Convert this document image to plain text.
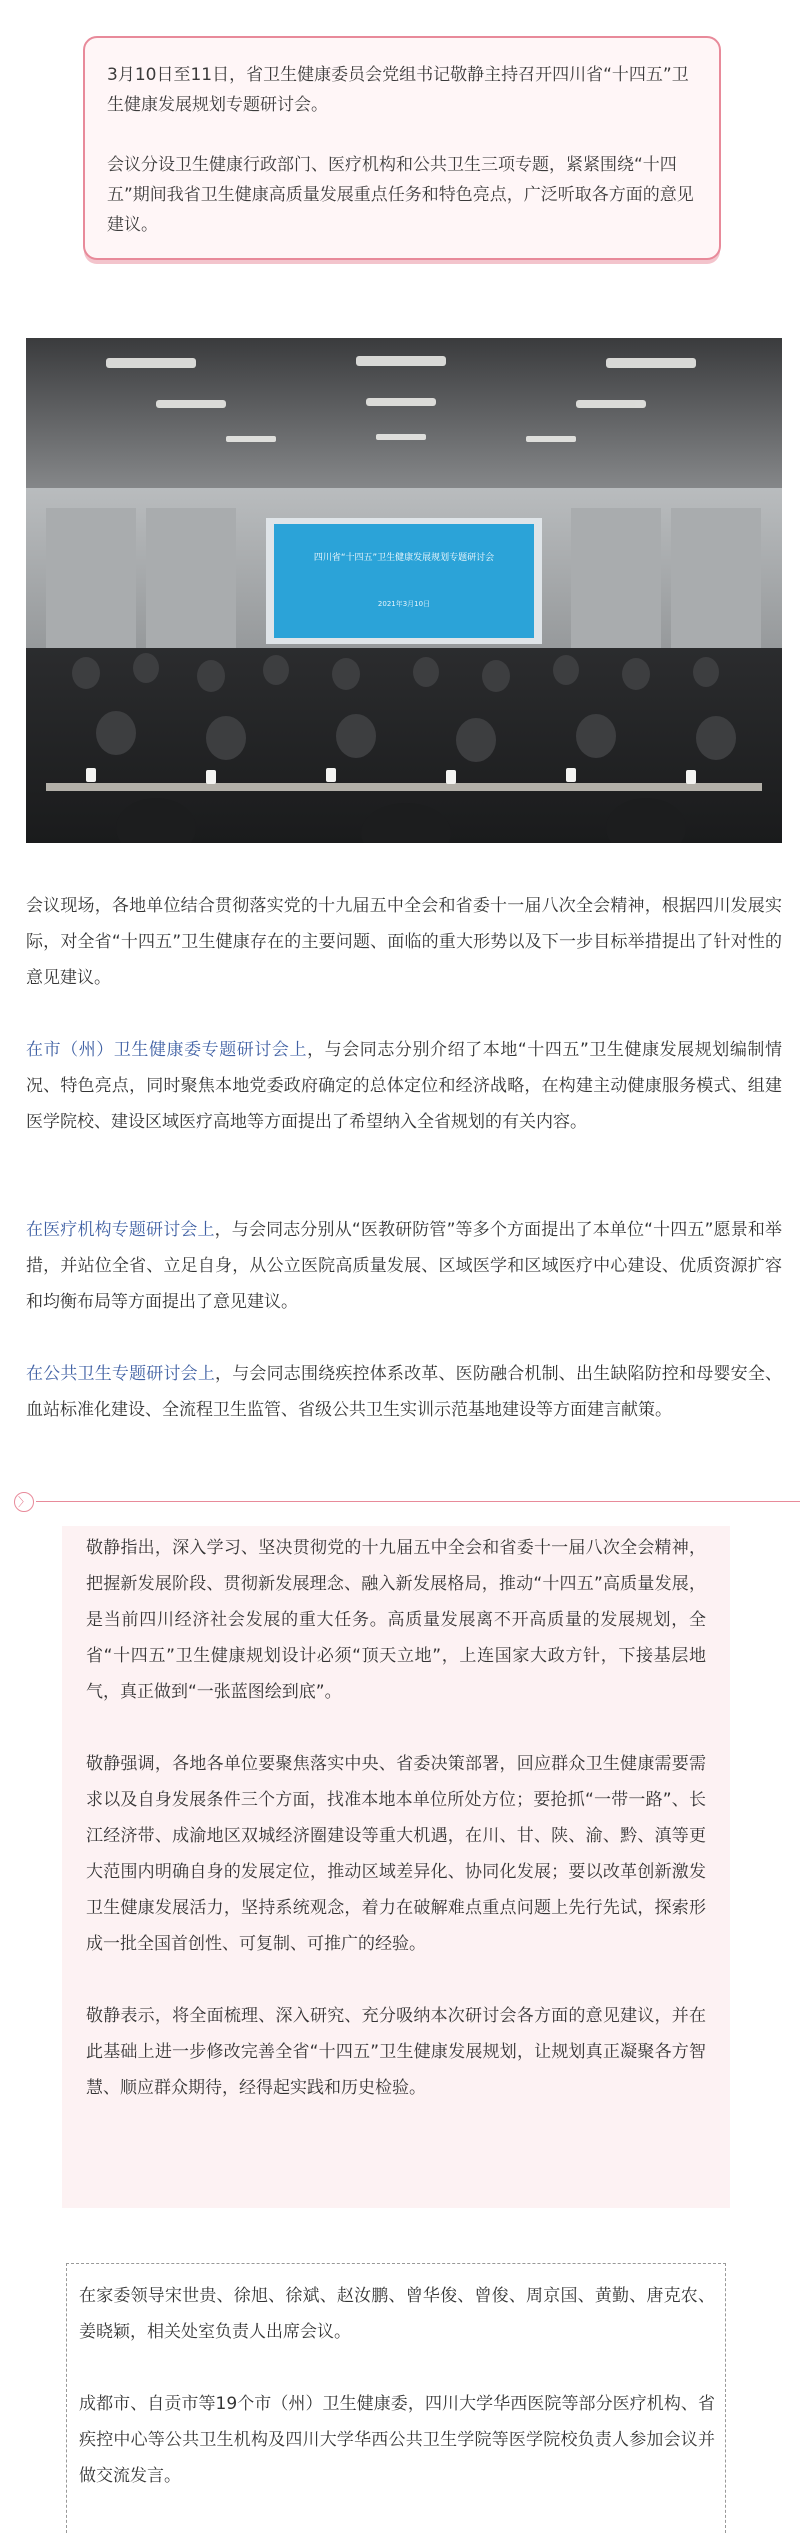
3月10日至11日，省卫生健康委员会党组书记敬静主持召开四川省“十四五”卫生健康发展规划专题研讨会。

会议分设卫生健康行政部门、医疗机构和公共卫生三项专题，紧紧围绕“十四五”期间我省卫生健康高质量发展重点任务和特色亮点，广泛听取各方面的意见建议。

四川省“十四五”卫生健康发展规划专题研讨会
2021年3月10日

会议现场，各地单位结合贯彻落实党的十九届五中全会和省委十一届八次全会精神，根据四川发展实际，对全省“十四五”卫生健康存在的主要问题、面临的重大形势以及下一步目标举措提出了针对性的意见建议。

在市（州）卫生健康委专题研讨会上，与会同志分别介绍了本地“十四五”卫生健康发展规划编制情况、特色亮点，同时聚焦本地党委政府确定的总体定位和经济战略，在构建主动健康服务模式、组建医学院校、建设区域医疗高地等方面提出了希望纳入全省规划的有关内容。

在医疗机构专题研讨会上，与会同志分别从“医教研防管”等多个方面提出了本单位“十四五”愿景和举措，并站位全省、立足自身，从公立医院高质量发展、区域医学和区域医疗中心建设、优质资源扩容和均衡布局等方面提出了意见建议。

在公共卫生专题研讨会上，与会同志围绕疾控体系改革、医防融合机制、出生缺陷防控和母婴安全、血站标准化建设、全流程卫生监管、省级公共卫生实训示范基地建设等方面建言献策。

〉

敬静指出，深入学习、坚决贯彻党的十九届五中全会和省委十一届八次全会精神，把握新发展阶段、贯彻新发展理念、融入新发展格局，推动“十四五”高质量发展，是当前四川经济社会发展的重大任务。高质量发展离不开高质量的发展规划，全省“十四五”卫生健康规划设计必须“顶天立地”，上连国家大政方针，下接基层地气，真正做到“一张蓝图绘到底”。

敬静强调，各地各单位要聚焦落实中央、省委决策部署，回应群众卫生健康需要需求以及自身发展条件三个方面，找准本地本单位所处方位；要抢抓“一带一路”、长江经济带、成渝地区双城经济圈建设等重大机遇，在川、甘、陕、渝、黔、滇等更大范围内明确自身的发展定位，推动区域差异化、协同化发展；要以改革创新激发卫生健康发展活力，坚持系统观念，着力在破解难点重点问题上先行先试，探索形成一批全国首创性、可复制、可推广的经验。

敬静表示，将全面梳理、深入研究、充分吸纳本次研讨会各方面的意见建议，并在此基础上进一步修改完善全省“十四五”卫生健康发展规划，让规划真正凝聚各方智慧、顺应群众期待，经得起实践和历史检验。

在家委领导宋世贵、徐旭、徐斌、赵汝鹏、曾华俊、曾俊、周京国、黄勤、唐克农、姜晓颖，相关处室负责人出席会议。

成都市、自贡市等19个市（州）卫生健康委，四川大学华西医院等部分医疗机构、省疾控中心等公共卫生机构及四川大学华西公共卫生学院等医学院校负责人参加会议并做交流发言。
